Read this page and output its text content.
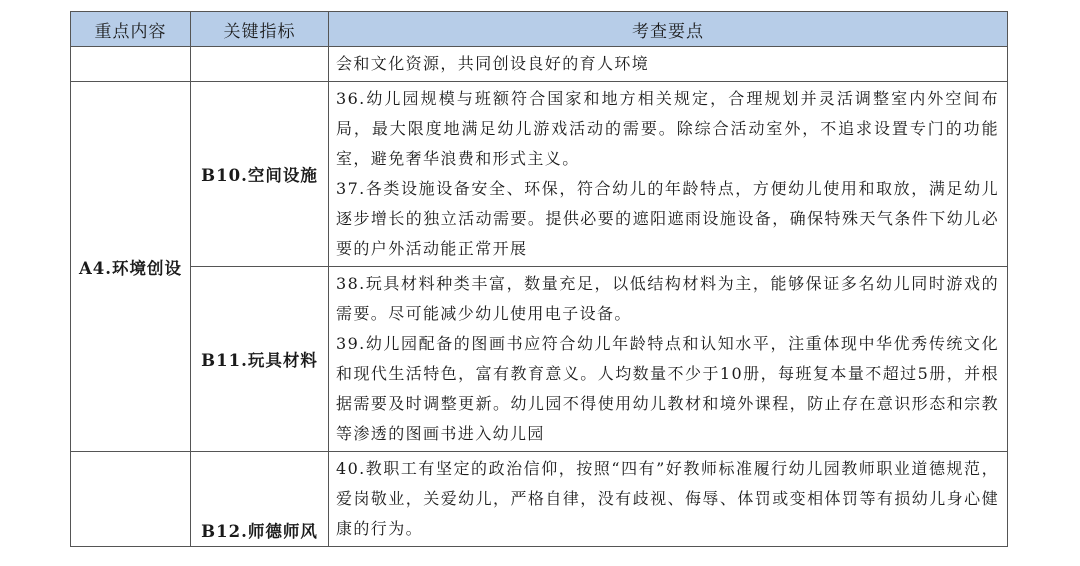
重点内容	关键指标	考查要点
		会和文化资源，共同创设良好的育人环境
A4.环境创设	B10.空间设施	36.幼儿园规模与班额符合国家和地方相关规定，合理规划并灵活调整室内外空间布局，最大限度地满足幼儿游戏活动的需要。除综合活动室外，不追求设置专门的功能室，避免奢华浪费和形式主义。
37.各类设施设备安全、环保，符合幼儿的年龄特点，方便幼儿使用和取放，满足幼儿逐步增长的独立活动需要。提供必要的遮阳遮雨设施设备，确保特殊天气条件下幼儿必要的户外活动能正常开展

	B11.玩具材料	38.玩具材料种类丰富，数量充足，以低结构材料为主，能够保证多名幼儿同时游戏的需要。尽可能减少幼儿使用电子设备。
39.幼儿园配备的图画书应符合幼儿年龄特点和认知水平，注重体现中华优秀传统文化和现代生活特色，富有教育意义。人均数量不少于10册，每班复本量不超过5册，并根据需要及时调整更新。幼儿园不得使用幼儿教材和境外课程，防止存在意识形态和宗教等渗透的图画书进入幼儿园

	B12.师德师风	40.教职工有坚定的政治信仰，按照“四有”好教师标准履行幼儿园教师职业道德规范，爱岗敬业，关爱幼儿，严格自律，没有歧视、侮辱、体罚或变相体罚等有损幼儿身心健康的行为。
